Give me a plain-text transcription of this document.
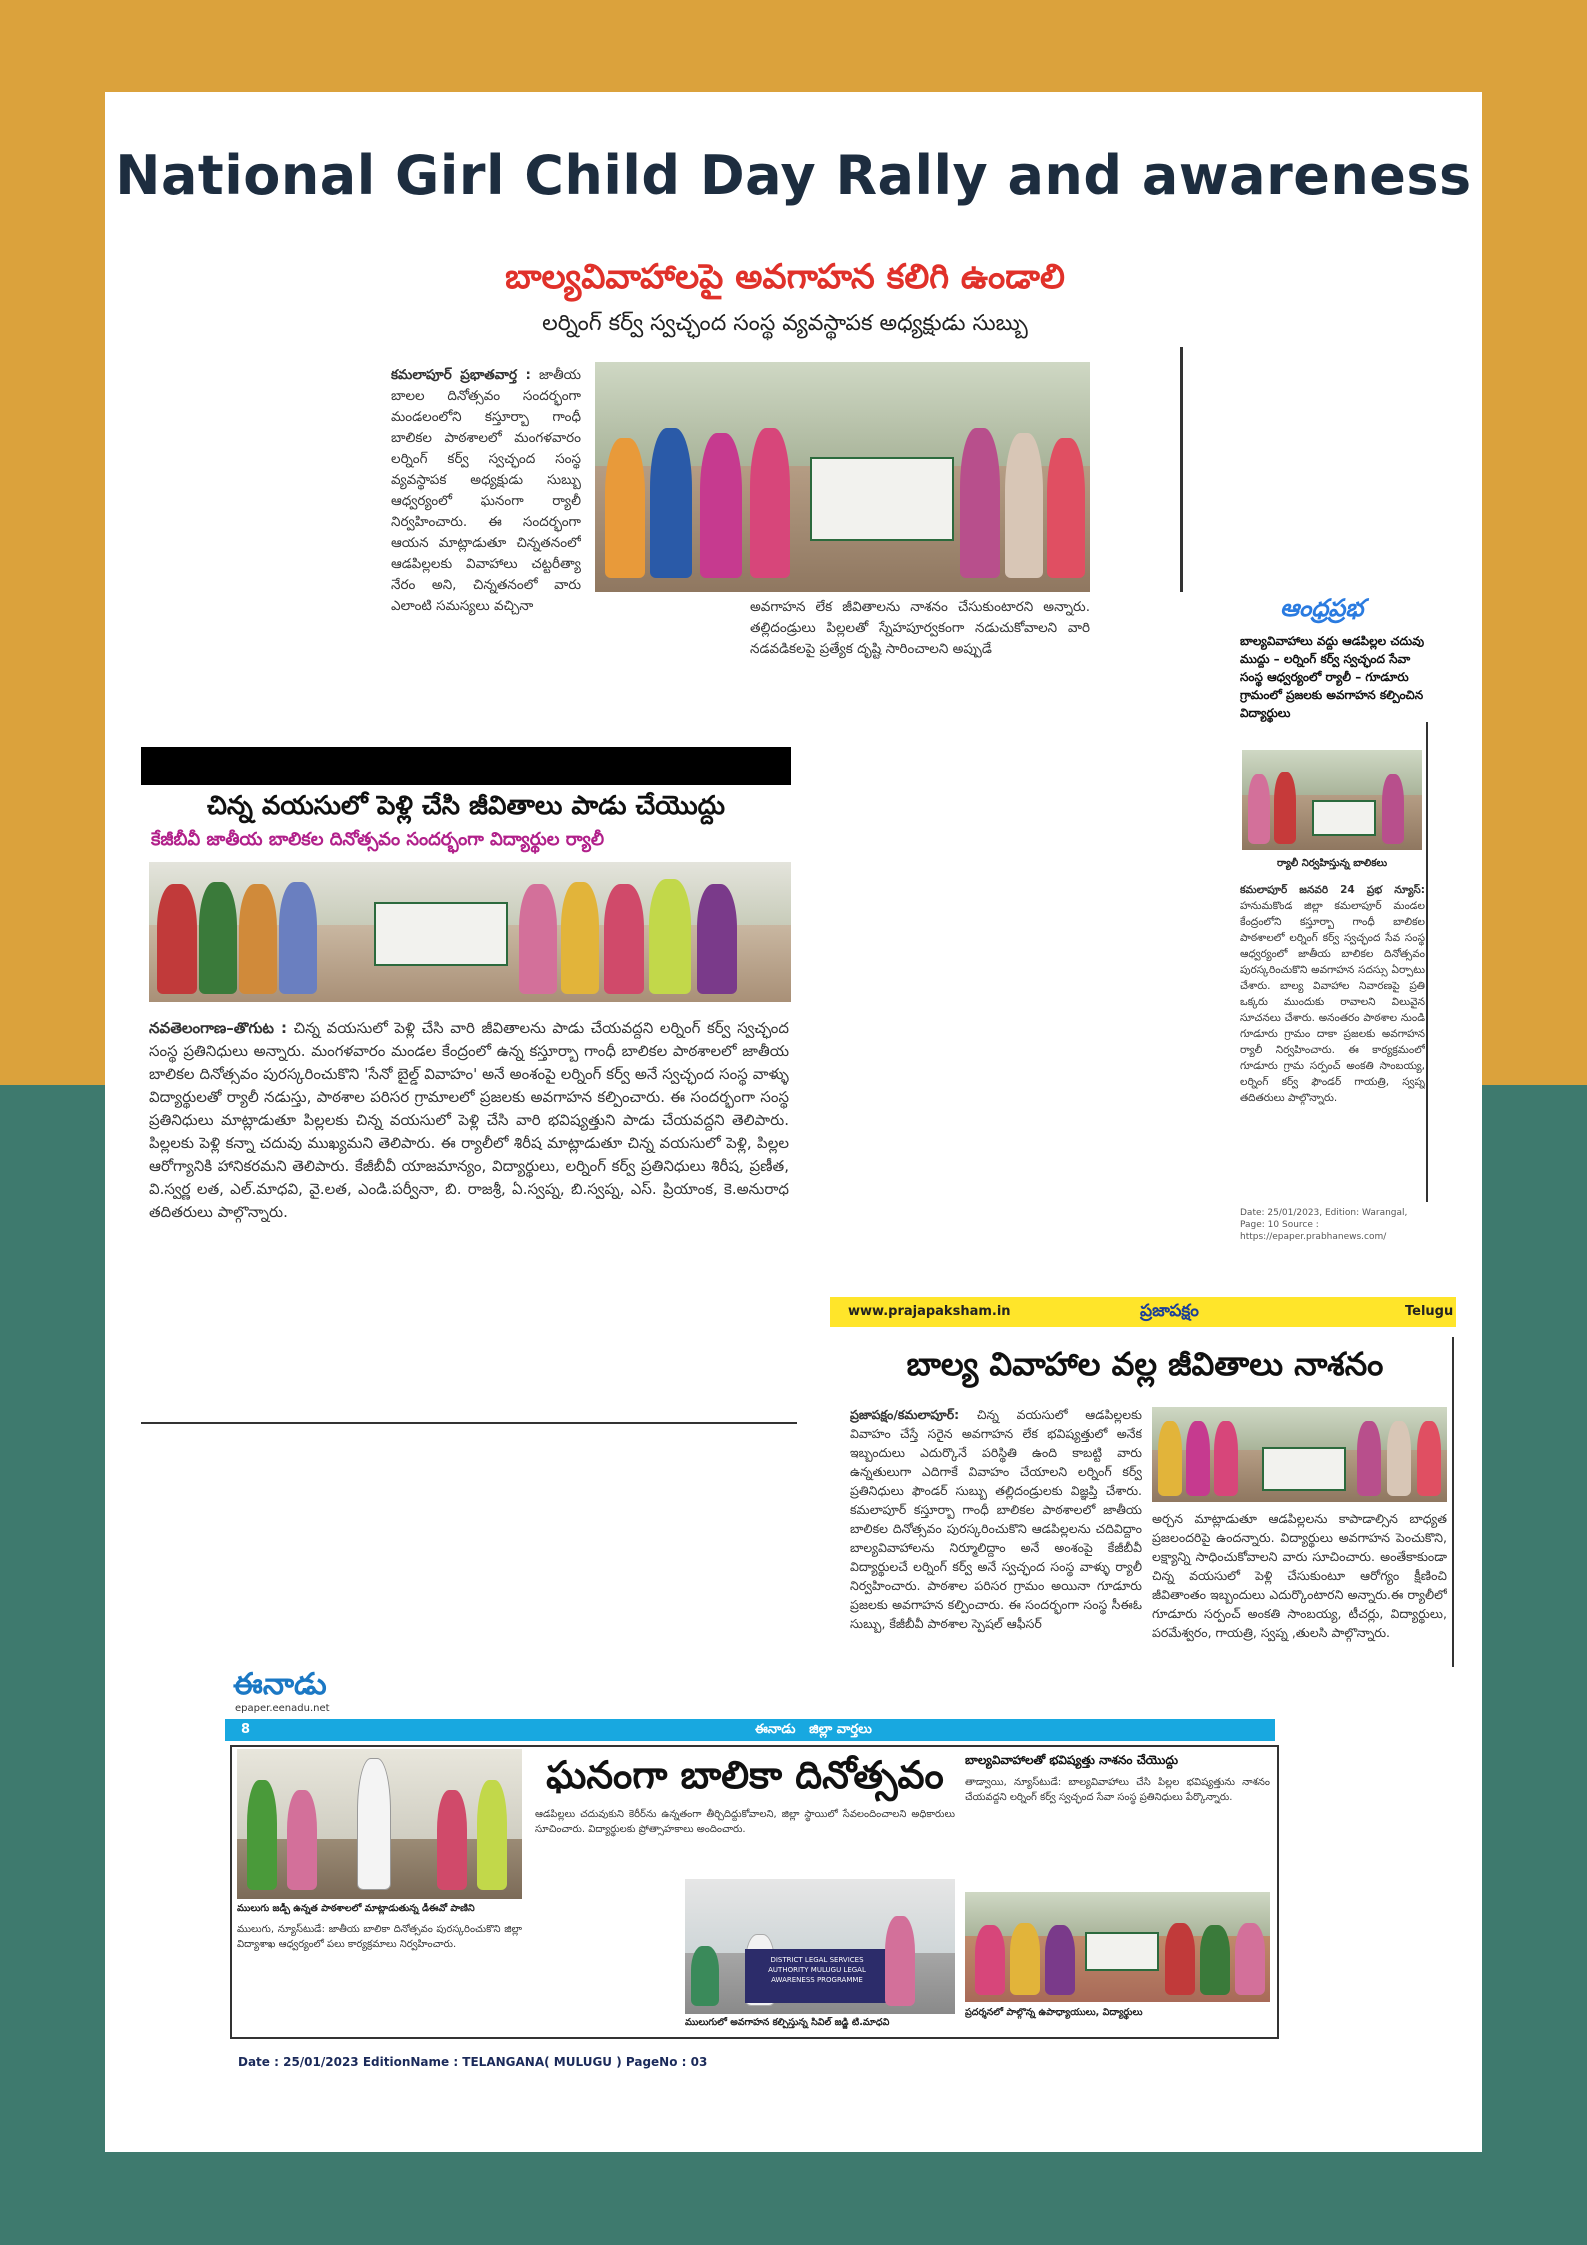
National Girl Child Day Rally and awareness
బాల్యవివాహాలపై అవగాహన కలిగి ఉండాలి
లర్నింగ్ కర్వ్ స్వచ్ఛంద సంస్థ వ్యవస్థాపక అధ్యక్షుడు సుబ్బు
కమలాపూర్ ప్రభాతవార్త : జాతీయ బాలల దినోత్సవం సందర్భంగా మండలంలోని కస్తూర్బా గాంధీ బాలికల పాఠశాలలో మంగళవారం లర్నింగ్ కర్వ్ స్వచ్ఛంద సంస్థ వ్యవస్థాపక అధ్యక్షుడు సుబ్బు ఆధ్వర్యంలో ఘనంగా ర్యాలీ నిర్వహించారు. ఈ సందర్భంగా ఆయన మాట్లాడుతూ చిన్నతనంలో ఆడపిల్లలకు వివాహాలు చట్టరీత్యా నేరం అని, చిన్నతనంలో వారు ఎలాంటి సమస్యలు వచ్చినా	అవగాహన లేక జీవితాలను నాశనం చేసుకుంటారని అన్నారు. తల్లిదండ్రులు పిల్లలతో స్నేహపూర్వకంగా నడుచుకోవాలని వారి నడవడికలపై ప్రత్యేక దృష్టి సారించాలని అప్పుడే
చిన్న వయసులో పెళ్లి చేసి జీవితాలు పాడు చేయొద్దు
కేజీబీవీ జాతీయ బాలికల దినోత్సవం సందర్భంగా విద్యార్థుల ర్యాలీ
నవతెలంగాణ–తొగుట : చిన్న వయసులో పెళ్లి చేసి వారి జీవితాలను పాడు చేయవద్దని లర్నింగ్ కర్వ్ స్వచ్ఛంద సంస్థ ప్రతినిధులు అన్నారు. మంగళవారం మండల కేంద్రంలో ఉన్న కస్తూర్బా గాంధీ బాలికల పాఠశాలలో జాతీయ బాలికల దినోత్సవం పురస్కరించుకొని 'సేనో బైల్డ్ వివాహం' అనే అంశంపై లర్నింగ్ కర్వ్ అనే స్వచ్ఛంద సంస్థ వాళ్ళు విద్యార్థులతో ర్యాలీ నడుస్తు, పాఠశాల పరిసర గ్రామాలలో ప్రజలకు అవగాహన కల్పించారు. ఈ సందర్భంగా సంస్థ ప్రతినిధులు మాట్లాడుతూ పిల్లలకు చిన్న వయసులో పెళ్లి చేసి వారి భవిష్యత్తుని పాడు చేయవద్దని తెలిపారు. పిల్లలకు పెళ్లి కన్నా చదువు ముఖ్యమని తెలిపారు. ఈ ర్యాలీలో శిరీష మాట్లాడుతూ చిన్న వయసులో పెళ్లి, పిల్లల ఆరోగ్యానికి హానికరమని తెలిపారు. కేజీబీవీ యాజమాన్యం, విద్యార్థులు, లర్నింగ్ కర్వ్ ప్రతినిధులు శిరీష, ప్రణీత, వి.స్వర్ణ లత, ఎల్.మాధవి, వై.లత, ఎండి.పర్వీనా, బి. రాజశ్రీ, ఏ.స్వప్న, బి.స్వప్న, ఎస్. ప్రియాంక, కె.అనురాధ తదితరులు పాల్గొన్నారు.
ఆంధ్రప్రభ
బాల్యవివాహాలు వద్దు ఆడపిల్లల చదువు ముద్దు – లర్నింగ్ కర్వ్ స్వచ్ఛంద సేవా సంస్థ ఆధ్వర్యంలో ర్యాలీ – గూడూరు గ్రామంలో ప్రజలకు అవగాహన కల్పించిన విద్యార్థులు
ర్యాలీ నిర్వహిస్తున్న బాలికలు
కమలాపూర్ జనవరి 24 ప్రభ న్యూస్: హనుమకొండ జిల్లా కమలాపూర్ మండల కేంద్రంలోని కస్తూర్బా గాంధీ బాలికల పాఠశాలలో లర్నింగ్ కర్వ్ స్వచ్ఛంద సేవ సంస్థ ఆధ్వర్యంలో జాతీయ బాలికల దినోత్సవం పురస్కరించుకొని అవగాహన సదస్సు ఏర్పాటు చేశారు. బాల్య వివాహాల నివారణపై ప్రతి ఒక్కరు ముందుకు రావాలని విలువైన సూచనలు చేశారు. అనంతరం పాఠశాల నుండి గూడూరు గ్రామం దాకా ప్రజలకు అవగాహన ర్యాలీ నిర్వహించారు. ఈ కార్యక్రమంలో గూడూరు గ్రామ సర్పంచ్ అంకతి సాంబయ్య, లర్నింగ్ కర్వ్ ఫౌండర్ గాయత్రి, స్వప్న తదితరులు పాల్గొన్నారు.
Date: 25/01/2023, Edition: Warangal, Page: 10 Source : https://epaper.prabhanews.com/
www.prajapaksham.in	ప్రజాపక్షం	Telugu
బాల్య వివాహాల వల్ల జీవితాలు నాశనం
ప్రజాపక్షం/కమలాపూర్: చిన్న వయసులో ఆడపిల్లలకు వివాహం చేస్తే సరైన అవగాహన లేక భవిష్యత్తులో అనేక ఇబ్బందులు ఎదుర్కొనే పరిస్థితి ఉంది కాబట్టి వారు ఉన్నతులుగా ఎదిగాకే వివాహం చేయాలని లర్నింగ్ కర్వ్ ప్రతినిధులు ఫౌండర్ సుబ్బు తల్లిదండ్రులకు విజ్ఞప్తి చేశారు. కమలాపూర్ కస్తూర్బా గాంధీ బాలికల పాఠశాలలో జాతీయ బాలికల దినోత్సవం పురస్కరించుకొని ఆడపిల్లలను చదివిద్దాం బాల్యవివాహాలను నిర్మూలిద్దాం అనే అంశంపై కేజీబీవీ విద్యార్థులచే లర్నింగ్ కర్వ్ అనే స్వచ్ఛంద సంస్థ వాళ్ళు ర్యాలీ నిర్వహించారు. పాఠశాల పరిసర గ్రామం అయినా గూడూరు ప్రజలకు అవగాహన కల్పించారు. ఈ సందర్భంగా సంస్థ సీఈఓ సుబ్బు, కేజీబీవీ పాఠశాల స్పెషల్ ఆఫీసర్
అర్చన మాట్లాడుతూ ఆడపిల్లలను కాపాడాల్సిన బాధ్యత ప్రజలందరిపై ఉందన్నారు. విద్యార్థులు అవగాహన పెంచుకొని, లక్ష్యాన్ని సాధించుకోవాలని వారు సూచించారు. అంతేకాకుండా చిన్న వయసులో పెళ్లి చేసుకుంటూ ఆరోగ్యం క్షీణించి జీవితాంతం ఇబ్బందులు ఎదుర్కొంటారని అన్నారు.ఈ ర్యాలీలో గూడూరు సర్పంచ్ అంకతి సాంబయ్య, టీచర్లు, విద్యార్థులు, పరమేశ్వరం, గాయత్రి, స్వప్న ,తులసి పాల్గొన్నారు.
ఈనాడు
epaper.eenadu.net
8	ఈనాడు   జిల్లా వార్తలు
ములుగు జడ్పీ ఉన్నత పాఠశాలలో మాట్లాడుతున్న డీఈవో పాణిని
ములుగు, న్యూస్‌టుడే: జాతీయ బాలికా దినోత్సవం పురస్కరించుకొని జిల్లా విద్యాశాఖ ఆధ్వర్యంలో పలు కార్యక్రమాలు నిర్వహించారు.
ఘనంగా బాలికా దినోత్సవం
ఆడపిల్లలు చదువుకుని కెరీర్‌ను ఉన్నతంగా తీర్చిదిద్దుకోవాలని, జిల్లా స్థాయిలో సేవలందించాలని అధికారులు సూచించారు. విద్యార్థులకు ప్రోత్సాహకాలు అందించారు.
DISTRICT LEGAL SERVICES AUTHORITY MULUGU LEGAL AWARENESS PROGRAMME
ములుగులో అవగాహన కల్పిస్తున్న సివిల్ జడ్జి టి.మాధవి
బాల్యవివాహాలతో భవిష్యత్తు నాశనం చేయొద్దు
తాడ్వాయి, న్యూస్‌టుడే: బాల్యవివాహాలు చేసి పిల్లల భవిష్యత్తును నాశనం చేయవద్దని లర్నింగ్ కర్వ్ స్వచ్ఛంద సేవా సంస్థ ప్రతినిధులు పేర్కొన్నారు.
ప్రదర్శనలో పాల్గొన్న ఉపాధ్యాయులు, విద్యార్థులు
Date : 25/01/2023 EditionName : TELANGANA( MULUGU ) PageNo : 03
